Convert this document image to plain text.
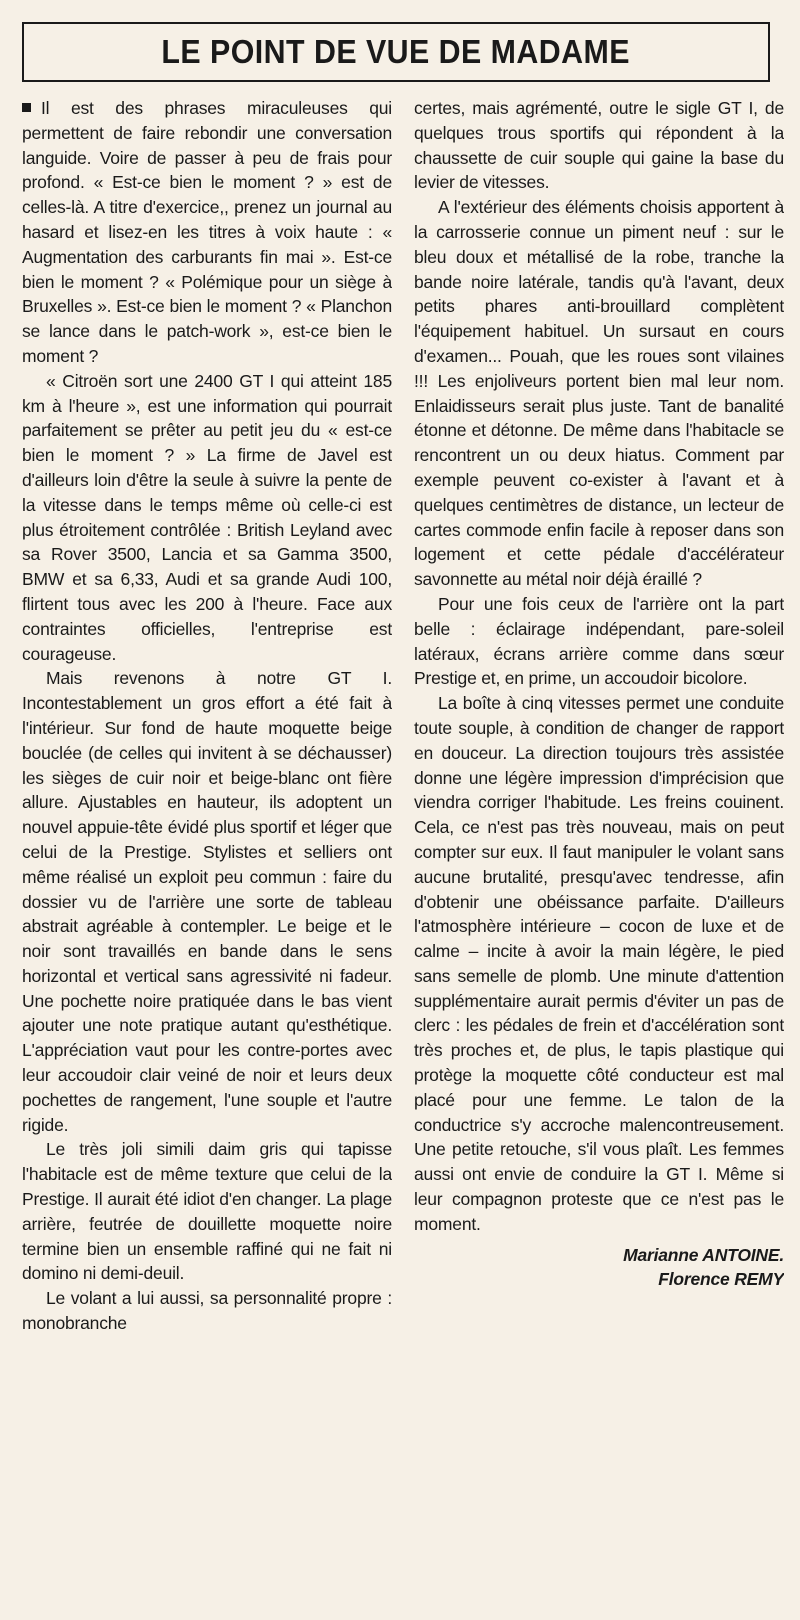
LE POINT DE VUE DE MADAME

Il est des phrases miraculeuses qui permettent de faire rebondir une conversation languide. Voire de passer à peu de frais pour profond. « Est-ce bien le moment ? » est de celles-là. A titre d'exercice,, prenez un journal au hasard et lisez-en les titres à voix haute : « Augmentation des carburants fin mai ». Est-ce bien le moment ? « Polémique pour un siège à Bruxelles ». Est-ce bien le moment ? « Planchon se lance dans le patch-work », est-ce bien le moment ?

« Citroën sort une 2400 GT I qui atteint 185 km à l'heure », est une information qui pourrait parfaitement se prêter au petit jeu du « est-ce bien le moment ? » La firme de Javel est d'ailleurs loin d'être la seule à suivre la pente de la vitesse dans le temps même où celle-ci est plus étroitement contrôlée : British Leyland avec sa Rover 3500, Lancia et sa Gamma 3500, BMW et sa 6,33, Audi et sa grande Audi 100, flirtent tous avec les 200 à l'heure. Face aux contraintes officielles, l'entreprise est courageuse.

Mais revenons à notre GT I. Incontestablement un gros effort a été fait à l'intérieur. Sur fond de haute moquette beige bouclée (de celles qui invitent à se déchausser) les sièges de cuir noir et beige-blanc ont fière allure. Ajustables en hauteur, ils adoptent un nouvel appuie-tête évidé plus sportif et léger que celui de la Prestige. Stylistes et selliers ont même réalisé un exploit peu commun : faire du dossier vu de l'arrière une sorte de tableau abstrait agréable à contempler. Le beige et le noir sont travaillés en bande dans le sens horizontal et vertical sans agressivité ni fadeur. Une pochette noire pratiquée dans le bas vient ajouter une note pratique autant qu'esthétique. L'appréciation vaut pour les contre-portes avec leur accoudoir clair veiné de noir et leurs deux pochettes de rangement, l'une souple et l'autre rigide.

Le très joli simili daim gris qui tapisse l'habitacle est de même texture que celui de la Prestige. Il aurait été idiot d'en changer. La plage arrière, feutrée de douillette moquette noire termine bien un ensemble raffiné qui ne fait ni domino ni demi-deuil.

Le volant a lui aussi, sa personnalité propre : monobranche

certes, mais agrémenté, outre le sigle GT I, de quelques trous sportifs qui répondent à la chaussette de cuir souple qui gaine la base du levier de vitesses.

A l'extérieur des éléments choisis apportent à la carrosserie connue un piment neuf : sur le bleu doux et métallisé de la robe, tranche la bande noire latérale, tandis qu'à l'avant, deux petits phares anti-brouillard complètent l'équipement habituel. Un sursaut en cours d'examen... Pouah, que les roues sont vilaines !!! Les enjoliveurs portent bien mal leur nom. Enlaidisseurs serait plus juste. Tant de banalité étonne et détonne. De même dans l'habitacle se rencontrent un ou deux hiatus. Comment par exemple peuvent co-exister à l'avant et à quelques centimètres de distance, un lecteur de cartes commode enfin facile à reposer dans son logement et cette pédale d'accélérateur savonnette au métal noir déjà éraillé ?

Pour une fois ceux de l'arrière ont la part belle : éclairage indépendant, pare-soleil latéraux, écrans arrière comme dans sœur Prestige et, en prime, un accoudoir bicolore.

La boîte à cinq vitesses permet une conduite toute souple, à condition de changer de rapport en douceur. La direction toujours très assistée donne une légère impression d'imprécision que viendra corriger l'habitude. Les freins couinent. Cela, ce n'est pas très nouveau, mais on peut compter sur eux. Il faut manipuler le volant sans aucune brutalité, presqu'avec tendresse, afin d'obtenir une obéissance parfaite. D'ailleurs l'atmosphère intérieure – cocon de luxe et de calme – incite à avoir la main légère, le pied sans semelle de plomb. Une minute d'attention supplémentaire aurait permis d'éviter un pas de clerc : les pédales de frein et d'accélération sont très proches et, de plus, le tapis plastique qui protège la moquette côté conducteur est mal placé pour une femme. Le talon de la conductrice s'y accroche malencontreusement. Une petite retouche, s'il vous plaît. Les femmes aussi ont envie de conduire la GT I. Même si leur compagnon proteste que ce n'est pas le moment.

Marianne ANTOINE.
Florence REMY
